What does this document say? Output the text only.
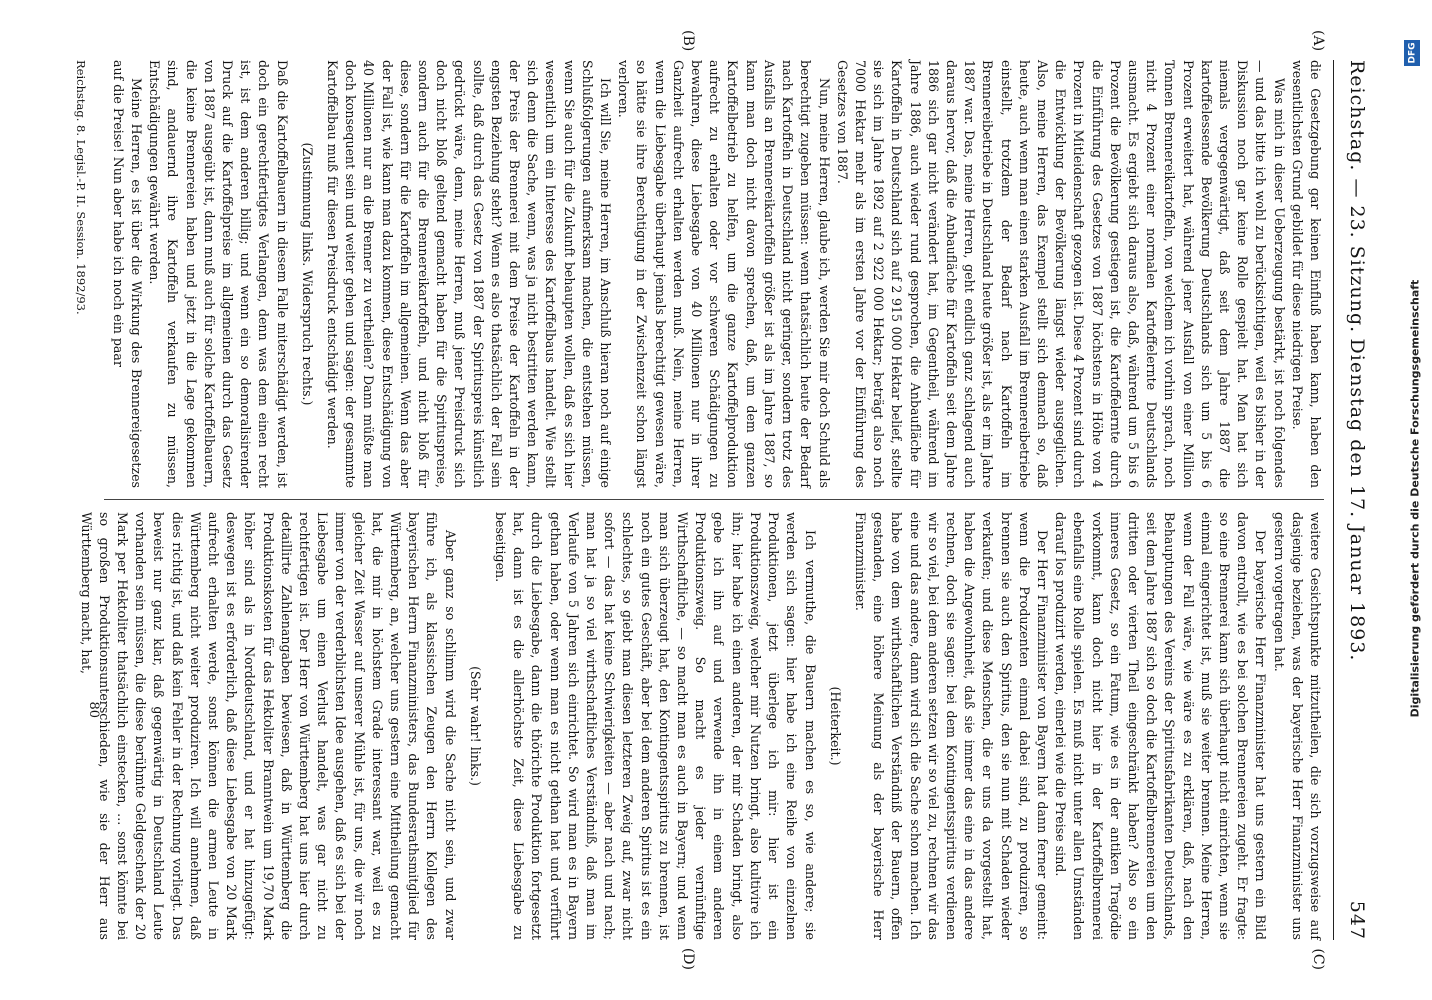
Reichstag. — 23. Sitzung.
Dienstag den 17. Januar 1893.
547
(A)
(B)
(C)
(D)

die Gesetzgebung gar keinen Einfluß haben kann, haben den wesentlichsten Grund gebildet für diese niedrigen Preise.

Was mich in dieser Ueberzeugung bestärkt, ist noch folgendes — und das bitte ich wohl zu berücksichtigen, weil es bisher in der Diskussion noch gar keine Rolle gespielt hat. Man hat sich niemals vergegenwärtigt, daß seit dem Jahre 1887 die kartoffelessende Bevölkerung Deutschlands sich um 5 bis 6 Prozent erweitert hat, während jener Ausfall von einer Million Tonnen Brennereikartoffeln, von welchem ich vorhin sprach, noch nicht 4 Prozent einer normalen Kartoffelernte Deutschlands ausmacht. Es ergiebt sich daraus also, daß, während um 5 bis 6 Prozent die Bevölkerung gestiegen ist, die Kartoffelernte durch die Einführung des Gesetzes von 1887 höchstens in Höhe von 4 Prozent in Mitleidenschaft gezogen ist. Diese 4 Prozent sind durch die Entwicklung der Bevölkerung längst wieder ausgeglichen. Also, meine Herren, das Exempel stellt sich demnach so, daß heute, auch wenn man einen starken Ausfall im Brennereibetriebe einstellt, trotzdem der Bedarf nach Kartoffeln im Brennereibetriebe in Deutschland heute größer ist, als er im Jahre 1887 war. Das, meine Herren, geht endlich ganz schlagend auch daraus hervor, daß die Anbaufläche für Kartoffeln seit dem Jahre 1886 sich gar nicht verändert hat, im Gegentheil, während im Jahre 1886, auch wieder rund gesprochen, die Anbaufläche für Kartoffeln in Deutschland sich auf 2 915 000 Hektar belief, stellte sie sich im Jahre 1892 auf 2 922 000 Hektar; beträgt also noch 7000 Hektar mehr als im ersten Jahre vor der Einführung des Gesetzes von 1887.

Nun, meine Herren, glaube ich, werden Sie mir doch Schuld als berechtigt zugeben müssen: wenn thatsächlich heute der Bedarf nach Kartoffeln in Deutschland nicht geringer, sondern trotz des Ausfalls an Brennereikartoffeln größer ist als im Jahre 1887, so kann man doch nicht davon sprechen, daß, um dem ganzen Kartoffelbetrieb zu helfen, um die ganze Kartoffelproduktion aufrecht zu erhalten oder vor schweren Schädigungen zu bewahren, diese Liebesgabe von 40 Millionen nur in ihrer Ganzheit aufrecht erhalten werden muß. Nein, meine Herren, wenn die Liebesgabe überhaupt jemals berechtigt gewesen wäre, so hätte sie ihre Berechtigung in der Zwischenzeit schon längst verloren.

Ich will Sie, meine Herren, im Anschluß hieran noch auf einige Schlußfolgerungen aufmerksam machen, die entstehen müssen, wenn Sie auch für die Zukunft behaupten wollen, daß es sich hier wesentlich um ein Interesse des Kartoffelbaus handelt. Wie stellt sich denn die Sache, wenn, was ja nicht bestritten werden kann, der Preis der Brennerei mit dem Preise der Kartoffeln in der engsten Beziehung steht? Wenn es also thatsächlich der Fall sein sollte, daß durch das Gesetz von 1887 der Spirituspreis künstlich gedrückt wäre, denn, meine Herren, muß jener Preisdruck sich doch nicht bloß geltend gemacht haben für die Spirituspreise, sondern auch für die Brennereikartoffeln, und nicht bloß für diese, sondern für die Kartoffeln im allgemeinen. Wenn das aber der Fall ist, wie kann man dazu kommen, diese Entschädigung von 40 Millionen nur an die Brenner zu vertheilen? Dann müßte man doch konsequent sein und weiter gehen und sagen: der gesammte Kartoffelbau muß für diesen Preisdruck entschädigt werden.

(Zustimmung links. Widerspruch rechts.)

Daß die Kartoffelbauern in diesem Falle miterschädigt werden, ist doch ein gerechtfertigtes Verlangen, denn was dem einen recht ist, ist dem anderen billig; und wenn ein so demoralisirender Druck auf die Kartoffelpreise im allgemeinen durch das Gesetz von 1887 ausgeübt ist, dann muß auch für solche Kartoffelbauern, die keine Brennereien haben und jetzt in die Lage gekommen sind, andauernd ihre Kartoffeln verkaufen zu müssen, Entschädigungen gewährt werden.

Meine Herren, es ist über die Wirkung des Brennereigesetzes auf die Preise! Nun aber habe ich noch ein paar

weitere Gesichtspunkte mitzutheilen, die sich vorzugsweise auf dasjenige beziehen, was der bayerische Herr Finanzminister uns gestern vorgetragen hat.

Der bayerische Herr Finanzminister hat uns gestern ein Bild davon entrollt, wie es bei solchen Brennereien zugeht. Er fragte: so eine Brennerei kann sich überhaupt nicht einrichten, wenn sie einmal eingerichtet ist, muß sie weiter brennen. Meine Herren, wenn der Fall wäre, wie wäre es zu erklären, daß, nach den Behauptungen des Vereins der Spiritusfabrikanten Deutschlands, seit dem Jahre 1887 sich so doch die Kartoffelbrennereien um den dritten oder vierten Theil eingeschränkt haben? Also so ein inneres Gesetz, so ein Fatum, wie es in der antiken Tragödie vorkommt, kann doch nicht hier in der Kartoffelbrennerei ebenfalls eine Rolle spielen. Es muß nicht unter allen Umständen darauf los produzirt werden, einerlei wie die Preise sind.

Der Herr Finanzminister von Bayern hat dann ferner gemeint: wenn die Produzenten einmal dabei sind, zu produziren, so brennen sie auch den Spiritus, den sie nun mit Schaden wieder verkaufen; und diese Menschen, die er uns da vorgestellt hat, haben die Angewohnheit, daß sie immer das eine in das andere rechnen, doch sie sagen: bei dem Kontingentsspiritus verdienen wir so viel, bei dem anderen setzen wir so viel zu, rechnen wir das eine und das andere, dann wird sich die Sache schon machen. Ich habe von dem wirthschaftlichen Verständniß der Bauern, offen gestanden, eine höhere Meinung als der bayerische Herr Finanzminister.

(Heiterkeit.)

Ich vermuthe, die Bauern machen es so, wie andere; sie werden sich sagen: hier habe ich eine Reihe von einzelnen Produktionen, jetzt überlege ich mir: hier ist ein Produktionszweig, welcher mir Nutzen bringt, also kultivire ich ihn; hier habe ich einen anderen, der mir Schaden bringt, also gebe ich ihn auf und verwende ihn in einem anderen Produktionszweig. So macht es jeder vernünftige Wirthschaftliche, — so macht man es auch in Bayern; und wenn man sich überzeugt hat, den Kontingentsspiritus zu brennen, ist noch ein gutes Geschäft, aber bei dem anderen Spiritus ist es ein schlechtes, so giebt man diesen letzteren Zweig auf, zwar nicht sofort — das hat keine Schwierigkeiten — aber nach und nach; man hat ja so viel wirthschaftliches Verständniß, daß man im Verlaufe von 5 Jahren sich einrichtet. So wird man es in Bayern gethan haben, oder wenn man es nicht gethan hat und verführt durch die Liebesgabe, dann die thörichte Produktion fortgesetzt hat, dann ist es die allerhöchste Zeit, diese Liebesgabe zu beseitigen.

(Sehr wahr! links.)

Aber ganz so schlimm wird die Sache nicht sein, und zwar führe ich, als klassischen Zeugen den Herrn Kollegen des bayerischen Herrn Finanzministers, das Bundesrathsmitglied für Württemberg, an, welcher uns gestern eine Mittheilung gemacht hat, die mir in höchstem Grade interessant war, weil es zu gleicher Zeit Wasser auf unserer Mühle ist, für uns, die wir noch immer von der verderblichsten Idee ausgehen, daß es sich bei der Liebesgabe um einen Verlust handelt, was gar nicht zu rechtfertigen ist. Der Herr von Württemberg hat uns hier durch detaillirte Zahlenangaben bewiesen, daß in Württemberg die Produktionskosten für das Hektoliter Branntwein um 19,70 Mark höher sind als in Norddeutschland, und er hat hinzugefügt: deswegen ist es erforderlich, daß diese Liebesgabe von 20 Mark aufrecht erhalten werde, sonst können die armen Leute in Württemberg nicht weiter produziren. Ich will annehmen, daß dies richtig ist, und daß kein Fehler in der Rechnung vorliegt. Das beweist nur ganz klar, daß gegenwärtig in Deutschland Leute vorhanden sein müssen, die diese berühmte Geldgeschenk der 20 Mark per Hektoliter thatsächlich einstecken, ... sonst könnte bei so großen Produktionsunterschieden, wie sie der Herr aus Württemberg macht, hat,

80
Reichstag. 8. Legisl.-P. II. Session. 1892/93.
DFG
Digitalisierung gefördert durch die Deutsche Forschungsgemeinschaft
